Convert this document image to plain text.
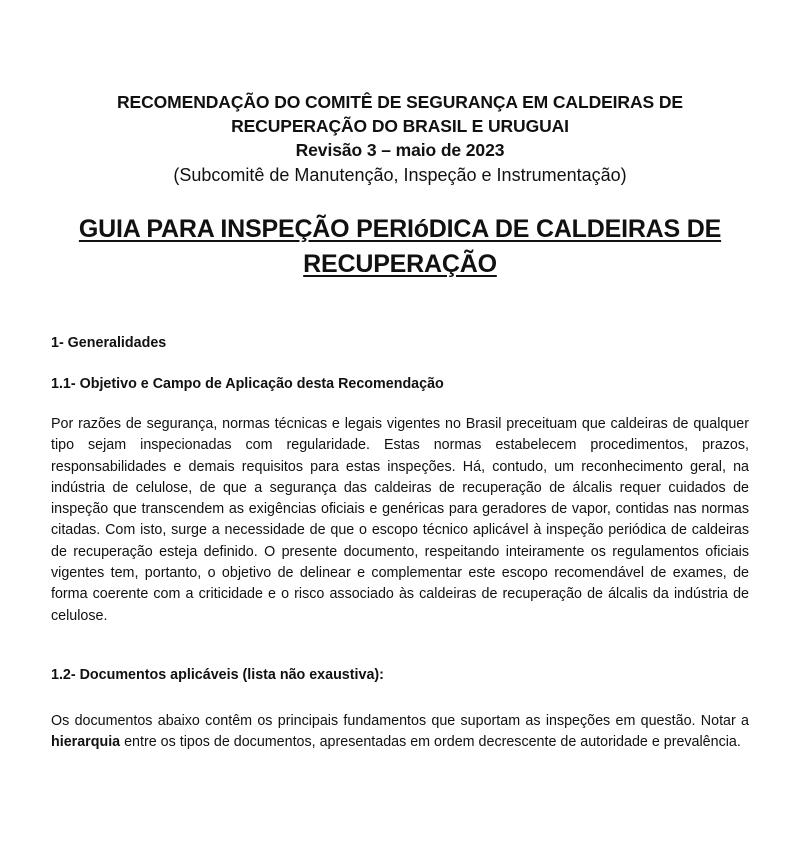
RECOMENDAÇÃO DO COMITÊ DE SEGURANÇA EM CALDEIRAS DE
RECUPERAÇÃO DO BRASIL E URUGUAI
Revisão 3 – maio de 2023
(Subcomitê de Manutenção, Inspeção e Instrumentação)
GUIA PARA INSPEÇÃO PERIóDICA DE CALDEIRAS DE
RECUPERAÇÃO
1- Generalidades
1.1- Objetivo e Campo de Aplicação desta Recomendação
Por razões de segurança, normas técnicas e legais vigentes no Brasil preceituam que caldeiras de qualquer tipo sejam inspecionadas com regularidade. Estas normas estabelecem procedimentos, prazos, responsabilidades e demais requisitos para estas inspeções. Há, contudo, um reconhecimento geral, na indústria de celulose, de que a segurança das caldeiras de recuperação de álcalis requer cuidados de inspeção que transcendem as exigências oficiais e genéricas para geradores de vapor, contidas nas normas citadas. Com isto, surge a necessidade de que o escopo técnico aplicável à inspeção periódica de caldeiras de recuperação esteja definido. O presente documento, respeitando inteiramente os regulamentos oficiais vigentes tem, portanto, o objetivo de delinear e complementar este escopo recomendável de exames, de forma coerente com a criticidade e o risco associado às caldeiras de recuperação de álcalis da indústria de celulose.
1.2- Documentos aplicáveis (lista não exaustiva):
Os documentos abaixo contêm os principais fundamentos que suportam as inspeções em questão. Notar a hierarquia entre os tipos de documentos, apresentadas em ordem decrescente de autoridade e prevalência.
